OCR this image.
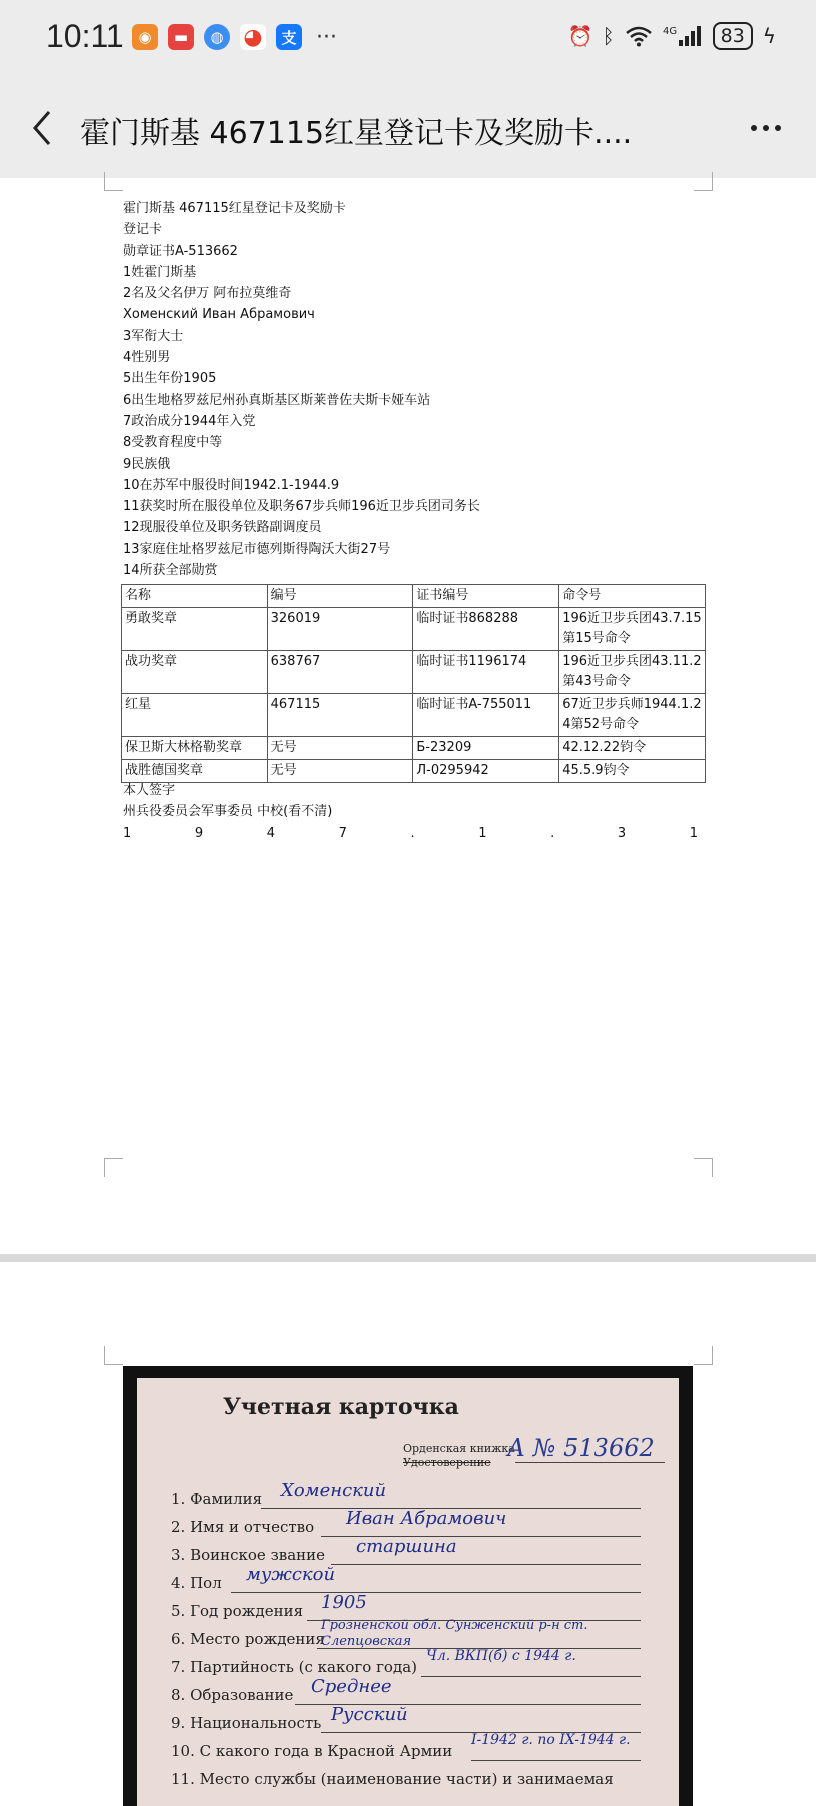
10:11 ◉	▬	◍ ◕	支 ···	⏰ ᛒ	4G	83 ϟ
霍门斯基 467115红星登记卡及奖励卡....
霍门斯基 467115红星登记卡及奖励卡
登记卡
勋章证书A-513662
1姓霍门斯基
2名及父名伊万 阿布拉莫维奇
Хоменский Иван Абрамович
3军衔大士
4性别男
5出生年份1905
6出生地格罗兹尼州孙真斯基区斯莱普佐夫斯卡娅车站
7政治成分1944年入党
8受教育程度中等
9民族俄
10在苏军中服役时间1942.1-1944.9
11获奖时所在服役单位及职务67步兵师196近卫步兵团司务长
12现服役单位及职务铁路副调度员
13家庭住址格罗兹尼市德列斯得陶沃大街27号
14所获全部勋赏
名称	编号	证书编号	命令号
勇敢奖章	326019	临时证书868288	196近卫步兵团43.7.15第15号命令
战功奖章	638767	临时证书1196174	196近卫步兵团43.11.2第43号命令
红星	467115	临时证书A-755011	67近卫步兵师1944.1.24第52号命令
保卫斯大林格勒奖章	无号	Б-23209	42.12.22钧令
战胜德国奖章	无号	Л-0295942	45.5.9钧令
本人签字
州兵役委员会军事委员 中校(看不清)
1	9	4	7	.	1	.	3	1
Учетная карточка
Орденская книжка
Удостоверение
А № 513662
1. Фамилия Хоменский
2. Имя и отчество Иван Абрамович
3. Воинское звание старшина
4. Пол мужской
5. Год рождения 1905
6. Место рождения
Грозненской обл. Сунженский р-н ст. Слепцовская
7. Партийность (с какого года)
Чл. ВКП(б) с 1944 г.
8. Образование Среднее
9. Национальность Русский
10. С какого года в Красной Армии
I-1942 г. по IX-1944 г.
11. Место службы (наименование части) и занимаемая
